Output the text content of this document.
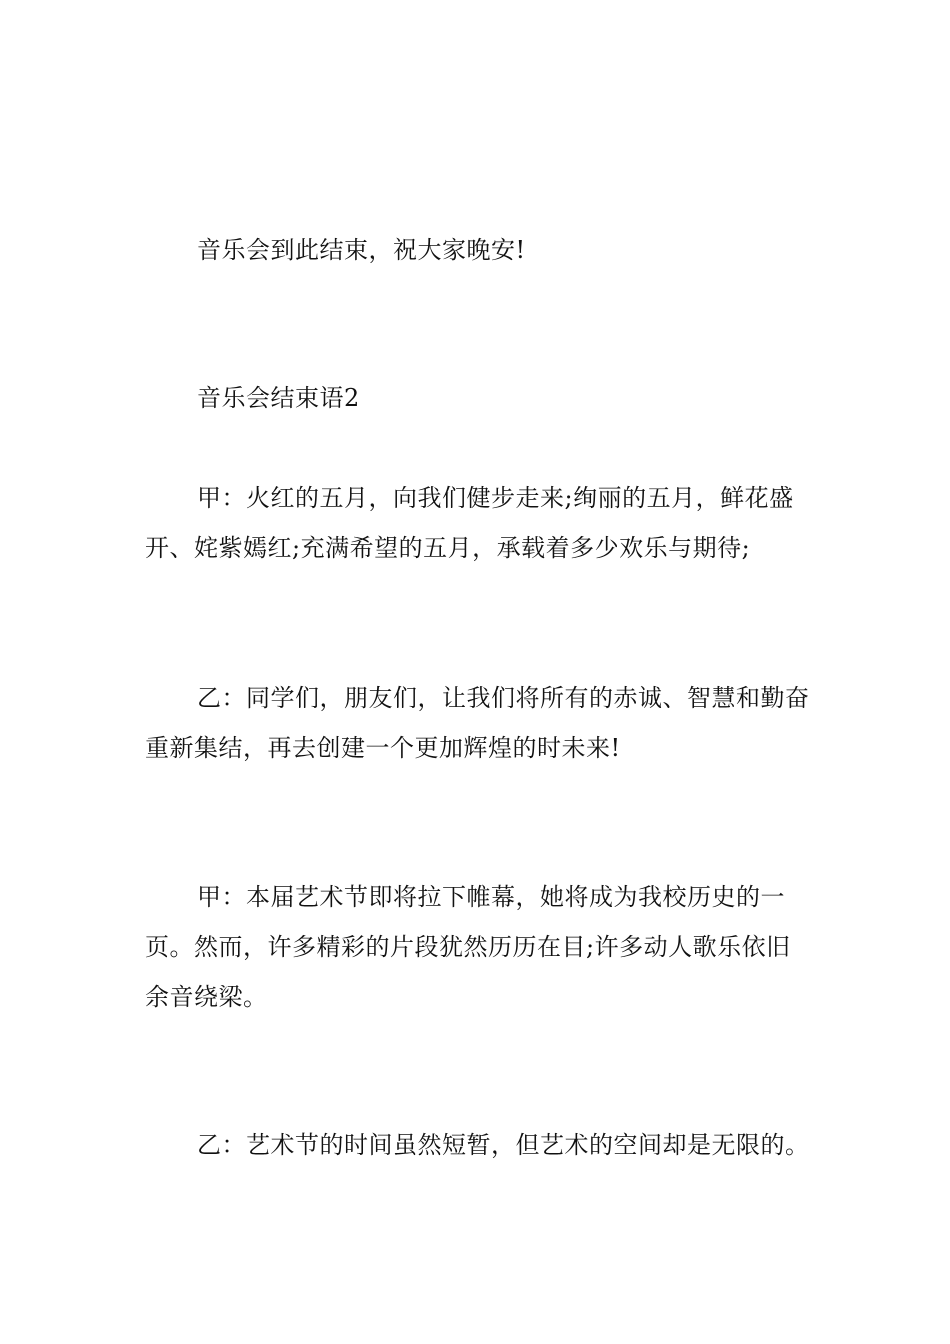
音乐会到此结束，祝大家晚安!

音乐会结束语2

甲：火红的五月，向我们健步走来;绚丽的五月，鲜花盛开、姹紫嫣红;充满希望的五月，承载着多少欢乐与期待;

乙：同学们，朋友们，让我们将所有的赤诚、智慧和勤奋重新集结，再去创建一个更加辉煌的时未来!

甲：本届艺术节即将拉下帷幕，她将成为我校历史的一页。然而，许多精彩的片段犹然历历在目;许多动人歌乐依旧余音绕梁。

乙：艺术节的时间虽然短暂，但艺术的空间却是无限的。
